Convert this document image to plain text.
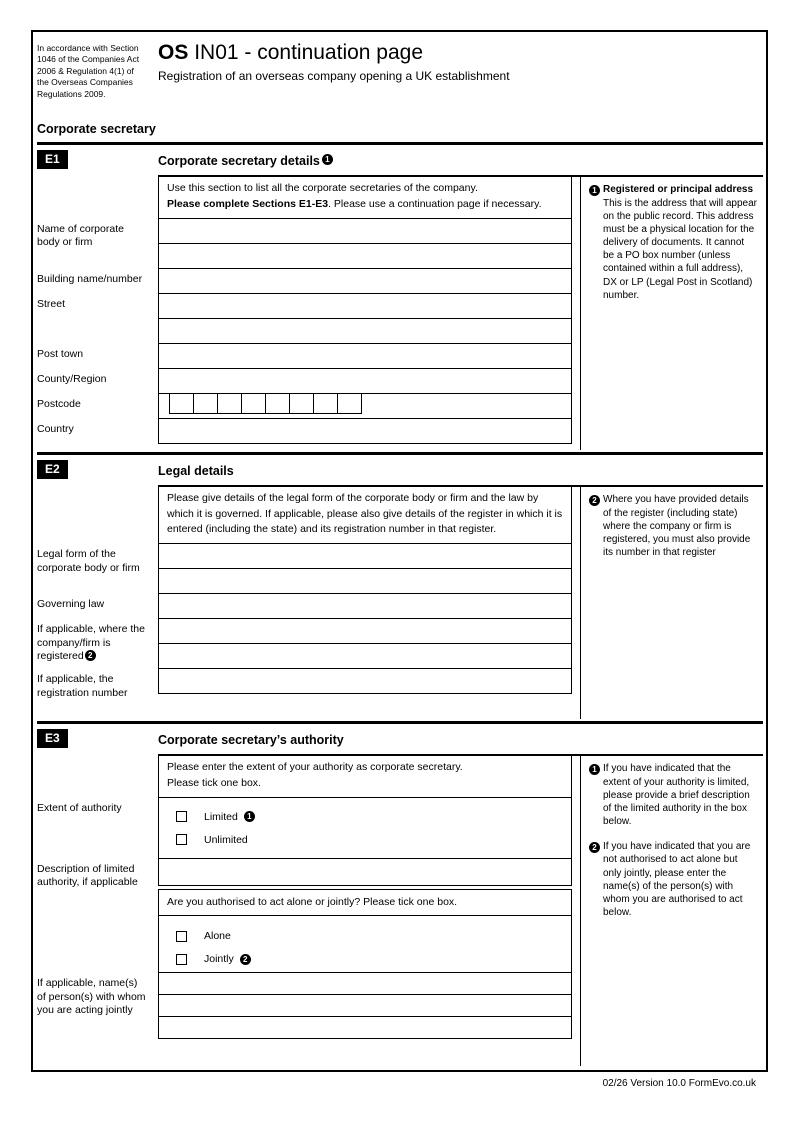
In accordance with Section 1046 of the Companies Act 2006 & Regulation 4(1) of the Overseas Companies Regulations 2009.
OS IN01 - continuation page
Registration of an overseas company opening a UK establishment
Corporate secretary
E1	Corporate secretary details 1
Use this section to list all the corporate secretaries of the company.
Please complete Sections E1-E3. Please use a continuation page if necessary.
Name of corporate body or firm
Building name/number
Street
Post town
County/Region
Postcode
Country
1 Registered or principal address
This is the address that will appear on the public record. This address must be a physical location for the delivery of documents. It cannot be a PO box number (unless contained within a full address), DX or LP (Legal Post in Scotland) number.
E2	Legal details
Please give details of the legal form of the corporate body or firm and the law by which it is governed. If applicable, please also give details of the register in which it is entered (including the state) and its registration number in that register.
Legal form of the corporate body or firm
Governing law
If applicable, where the company/firm is registered 2
If applicable, the registration number
2 Where you have provided details of the register (including state) where the company or firm is registered, you must also provide its number in that register
E3	Corporate secretary’s authority
Please enter the extent of your authority as corporate secretary.
Please tick one box.
Extent of authority
Limited	1
Unlimited
Description of limited authority, if applicable
Are you authorised to act alone or jointly? Please tick one box.
Alone
Jointly	2
If applicable, name(s) of person(s) with whom you are acting jointly
1 If you have indicated that the extent of your authority is limited, please provide a brief description of the limited authority in the box below.
2 If you have indicated that you are not authorised to act alone but only jointly, please enter the name(s) of the person(s) with whom you are authorised to act below.
02/26 Version 10.0 FormEvo.co.uk
